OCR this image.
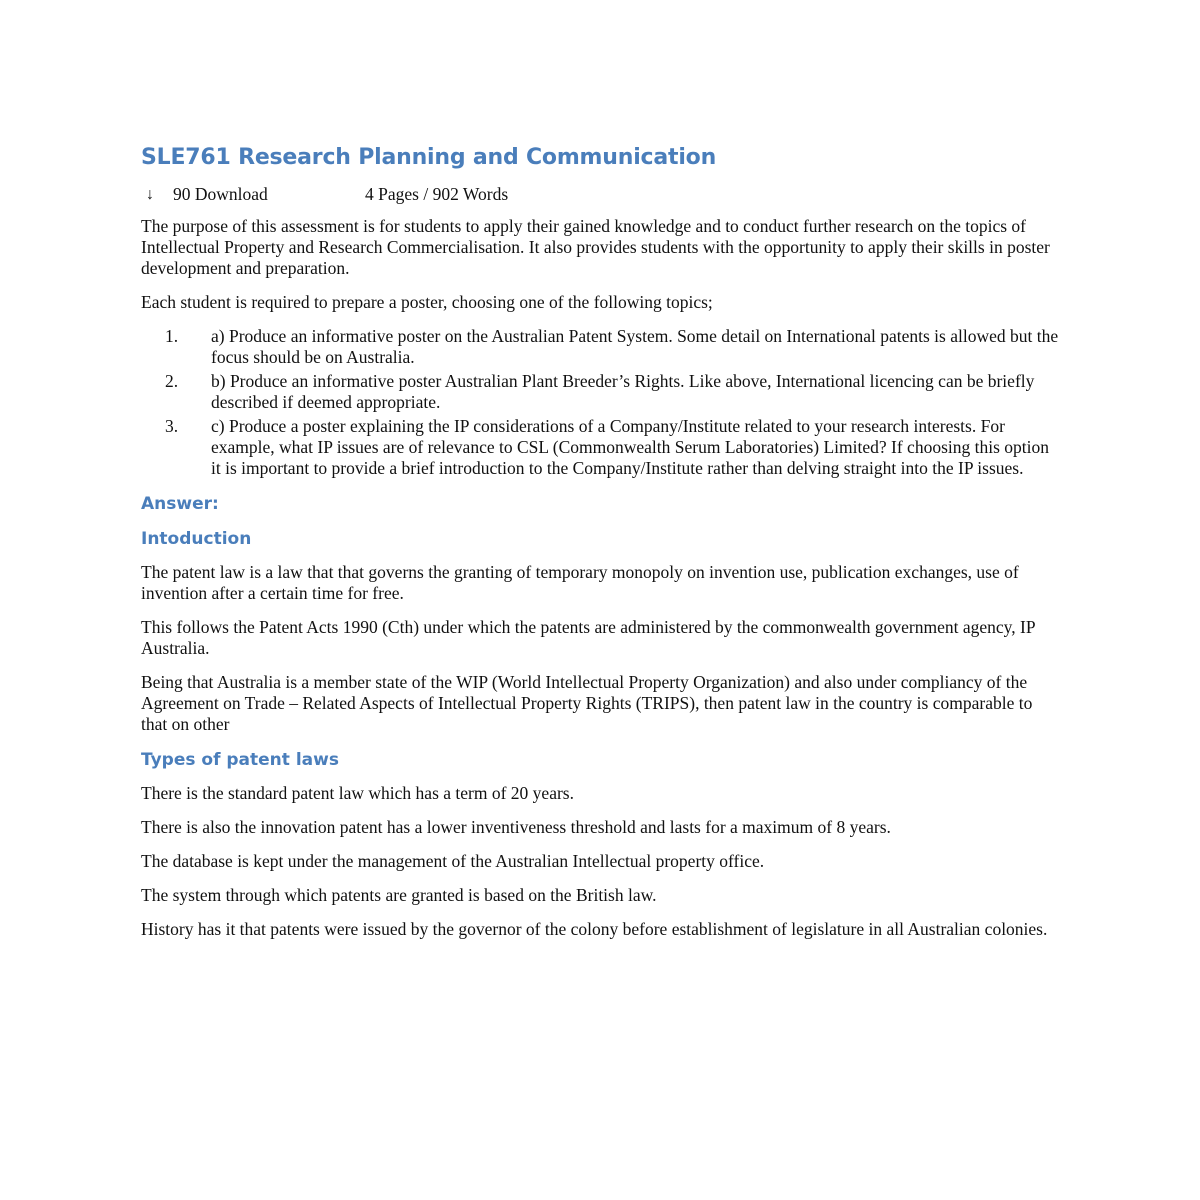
SLE761 Research Planning and Communication
↓ 90 Download	4 Pages / 902 Words

The purpose of this assessment is for students to apply their gained knowledge and to conduct further research on the topics of Intellectual Property and Research Commercialisation. It also provides students with the opportunity to apply their skills in poster development and preparation.

Each student is required to prepare a poster, choosing one of the following topics;

1. a) Produce an informative poster on the Australian Patent System. Some detail on International patents is allowed but the focus should be on Australia.
2. b) Produce an informative poster Australian Plant Breeder’s Rights. Like above, International licencing can be briefly described if deemed appropriate.
3. c) Produce a poster explaining the IP considerations of a Company/Institute related to your research interests. For example, what IP issues are of relevance to CSL (Commonwealth Serum Laboratories) Limited? If choosing this option it is important to provide a brief introduction to the Company/Institute rather than delving straight into the IP issues.
Answer:
Intoduction

The patent law is a law that that governs the granting of temporary monopoly on invention use, publication exchanges, use of invention after a certain time for free.

This follows the Patent Acts 1990 (Cth) under which the patents are administered by the commonwealth government agency, IP Australia.

Being that Australia is a member state of the WIP (World Intellectual Property Organization) and also under compliancy of the Agreement on Trade – Related Aspects of Intellectual Property Rights (TRIPS), then patent law in the country is comparable to that on other

Types of patent laws

There is the standard patent law which has a term of 20 years.

There is also the innovation patent has a lower inventiveness threshold and lasts for a maximum of 8 years.

The database is kept under the management of the Australian Intellectual property office.

The system through which patents are granted is based on the British law.

History has it that patents were issued by the governor of the colony before establishment of legislature in all Australian colonies.
